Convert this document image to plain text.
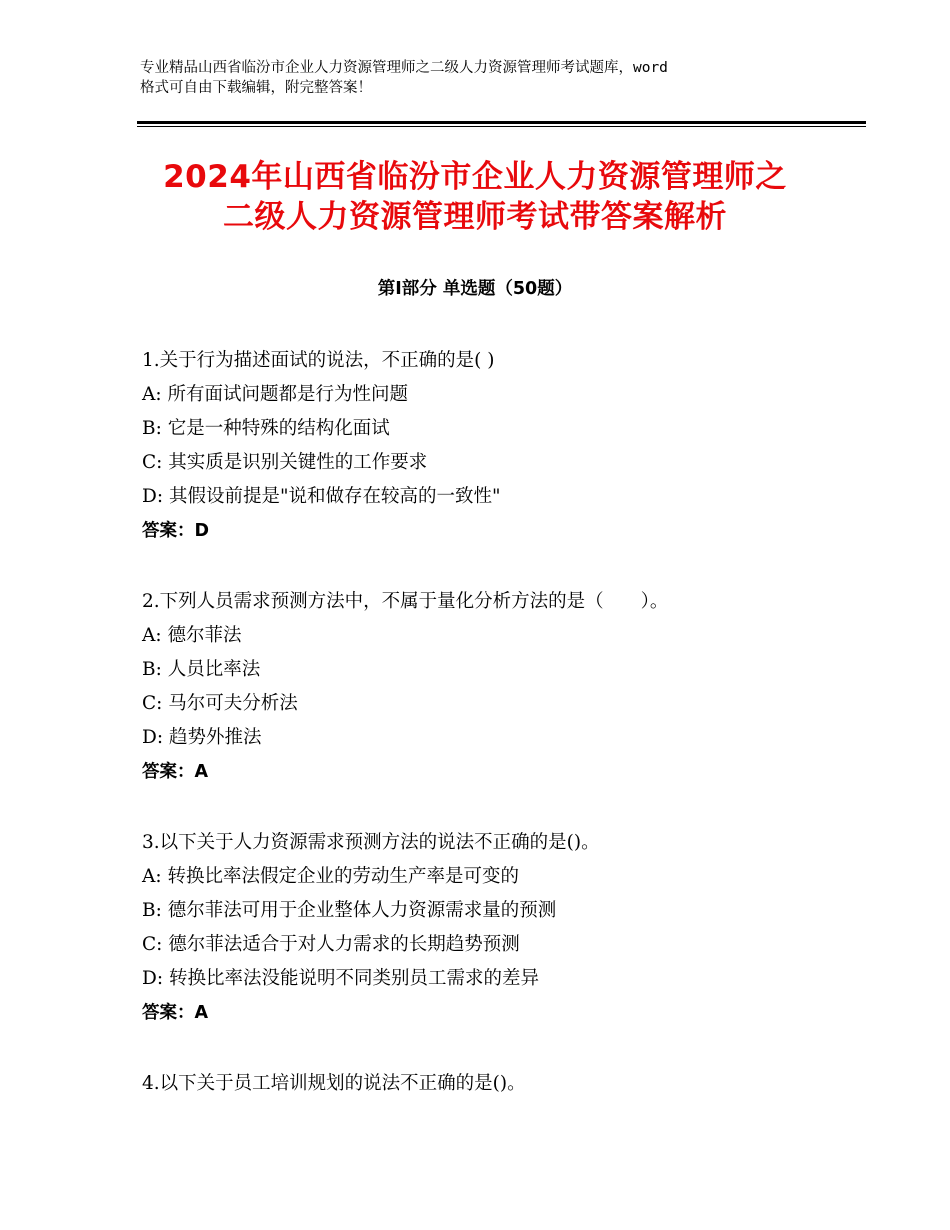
专业精品山西省临汾市企业人力资源管理师之二级人力资源管理师考试题库，word
格式可自由下载编辑，附完整答案！
2024年山西省临汾市企业人力资源管理师之
二级人力资源管理师考试带答案解析
第Ⅰ部分 单选题（50题）
1.关于行为描述面试的说法，不正确的是( )
A: 所有面试问题都是行为性问题
B: 它是一种特殊的结构化面试
C: 其实质是识别关键性的工作要求
D: 其假设前提是"说和做存在较高的一致性"
答案：D
2.下列人员需求预测方法中，不属于量化分析方法的是（　　）。
A: 德尔菲法
B: 人员比率法
C: 马尔可夫分析法
D: 趋势外推法
答案：A
3.以下关于人力资源需求预测方法的说法不正确的是()。
A: 转换比率法假定企业的劳动生产率是可变的
B: 德尔菲法可用于企业整体人力资源需求量的预测
C: 德尔菲法适合于对人力需求的长期趋势预测
D: 转换比率法没能说明不同类别员工需求的差异
答案：A
4.以下关于员工培训规划的说法不正确的是()。
